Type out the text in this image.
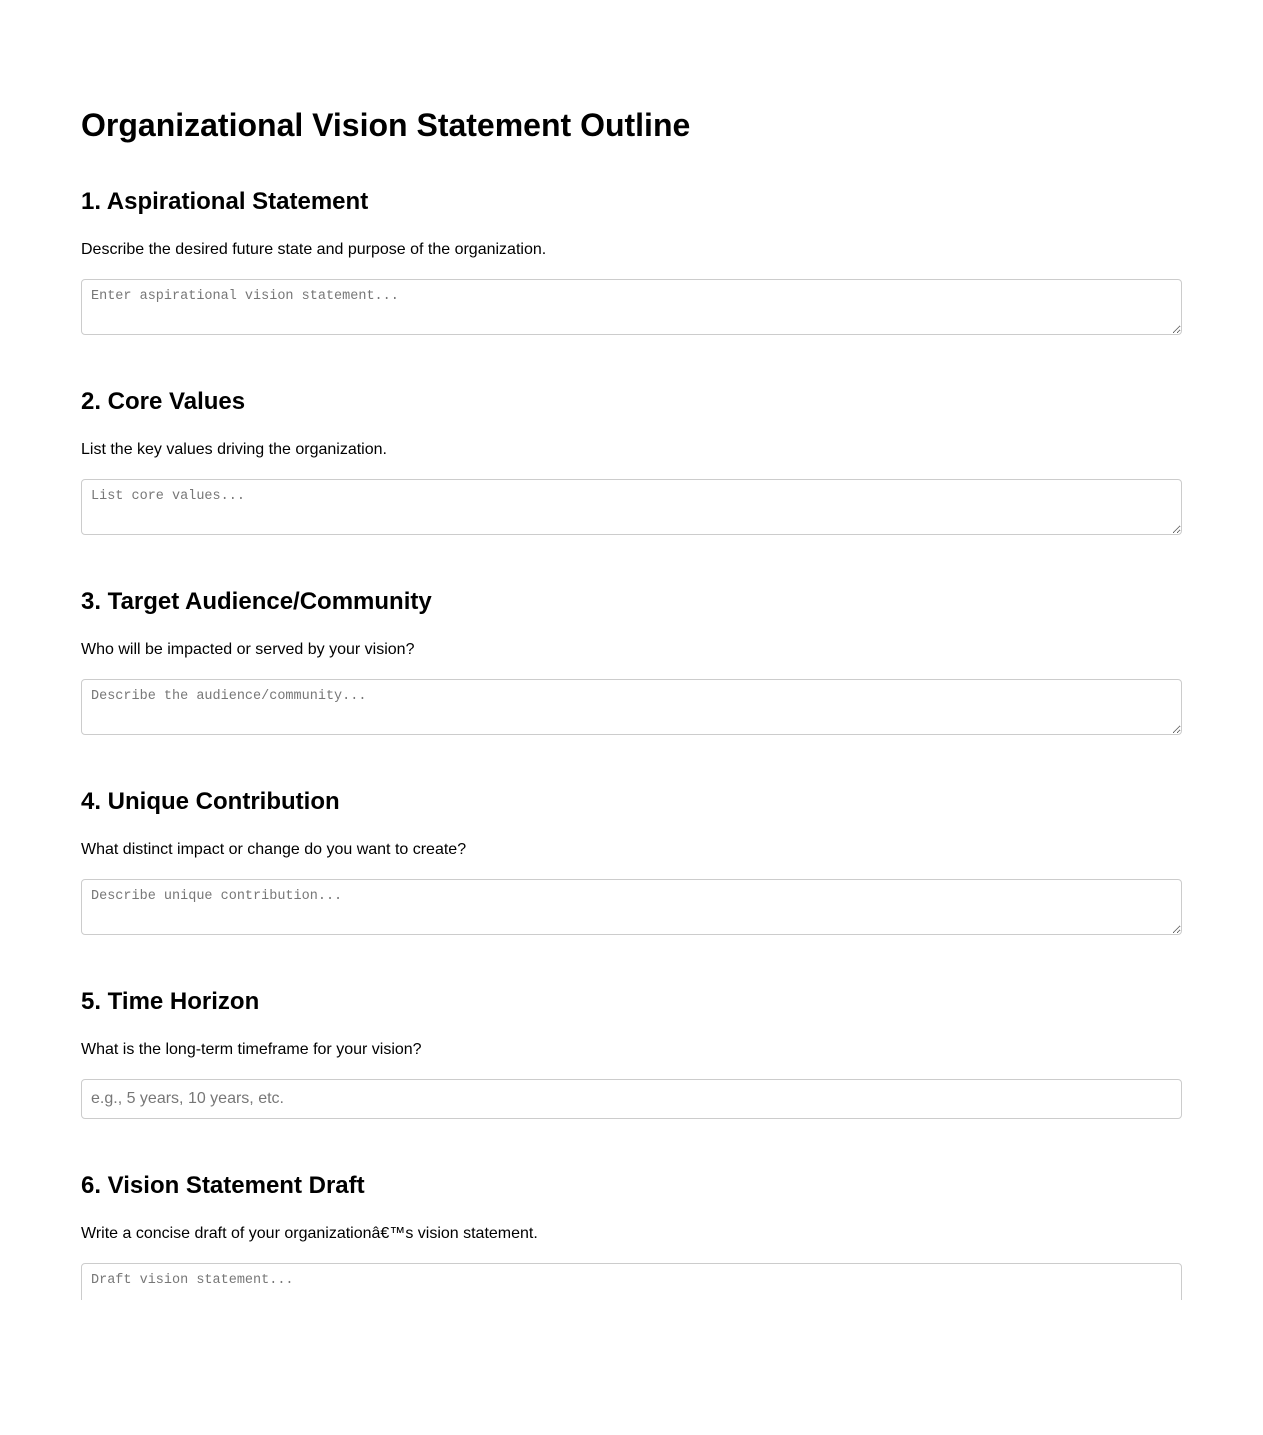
Organizational Vision Statement Outline
1. Aspirational Statement

Describe the desired future state and purpose of the organization.

Enter aspirational vision statement...
2. Core Values

List the key values driving the organization.

List core values...
3. Target Audience/Community

Who will be impacted or served by your vision?

Describe the audience/community...
4. Unique Contribution

What distinct impact or change do you want to create?

Describe unique contribution...
5. Time Horizon

What is the long-term timeframe for your vision?

e.g., 5 years, 10 years, etc.
6. Vision Statement Draft

Write a concise draft of your organizationâ€™s vision statement.

Draft vision statement...
